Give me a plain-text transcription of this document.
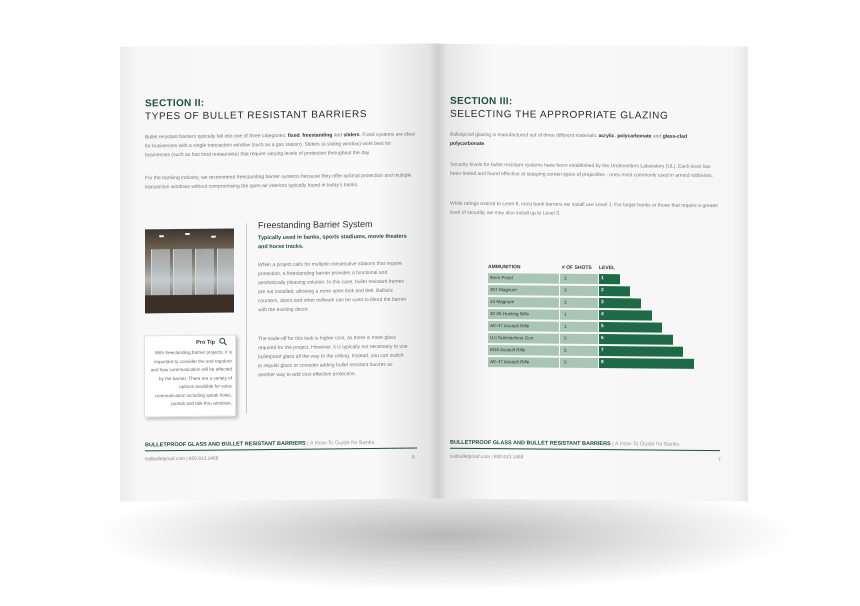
SECTION II:
TYPES OF BULLET RESISTANT BARRIERS
Bullet resistant barriers typically fall into one of three categories: fixed, freestanding and sliders. Fixed systems are ideal for businesses with a single transaction window (such as a gas station). Sliders (a sliding window) work best for businesses (such as fast food restaurants) that require varying levels of protection throughout the day.
For the banking industry, we recommend freestanding barrier systems because they offer optimal protection and multiple transaction windows without compromising the open-air interiors typically found in today's banks.
Freestanding Barrier System
Typically used in banks, sports stadiums, movie theaters and horse tracks.
When a project calls for multiple consecutive stations that require protection, a freestanding barrier provides a functional and aesthetically pleasing solution. In this case, bullet resistant frames are not installed, allowing a more open look and feel. Ballistic counters, doors and other millwork can be used to blend the barrier with the existing decor.
The trade-off for this look is higher cost, as there is more glass required for the project. However, it is typically not necessary to use bulletproof glass all the way to the ceiling. Instead, you can switch to regular glass or consider adding bullet resistant louvres as another way to add cost-effective protection.
Pro Tip
With freestanding barrier projects, it is important to consider the end trapdoor and how communication will be affected by the barrier. There are a variety of options available for voice communication including speak holes, portals and talk-thru windows.
BULLETPROOF GLASS AND BULLET RESISTANT BARRIERS | A How-To Guide for Banks
tsslbulletproof.com | 800.913.1468	6
SECTION III:
SELECTING THE APPROPRIATE GLAZING
Bulletproof glazing is manufactured out of three different materials: acrylic, polycarbonate and glass-clad polycarbonate.
Security levels for bullet resistant systems have been established by the Underwriters Laboratory (UL). Each level has been tested and found effective at stopping certain types of projectiles - ones most commonly used in armed robberies.
While ratings extend to Level 8, most bank barriers we install use Level 1. For larger banks or those that require a greater level of security, we may also install up to Level 3.
AMMUNITION	# OF SHOTS LEVEL
9mm Pistol	3	1
357 Magnum	3	2
44 Magnum	3	3
30 06 Hunting Rifle	1	4
AK-47 Assault Rifle	1	5
Uzi Submachine Gun	5	6
M16 Assault Rifle	5	7
AK-47 Assault Rifle	5	8
BULLETPROOF GLASS AND BULLET RESISTANT BARRIERS | A How-To Guide for Banks
tsslbulletproof.com | 800.913.1468	7
